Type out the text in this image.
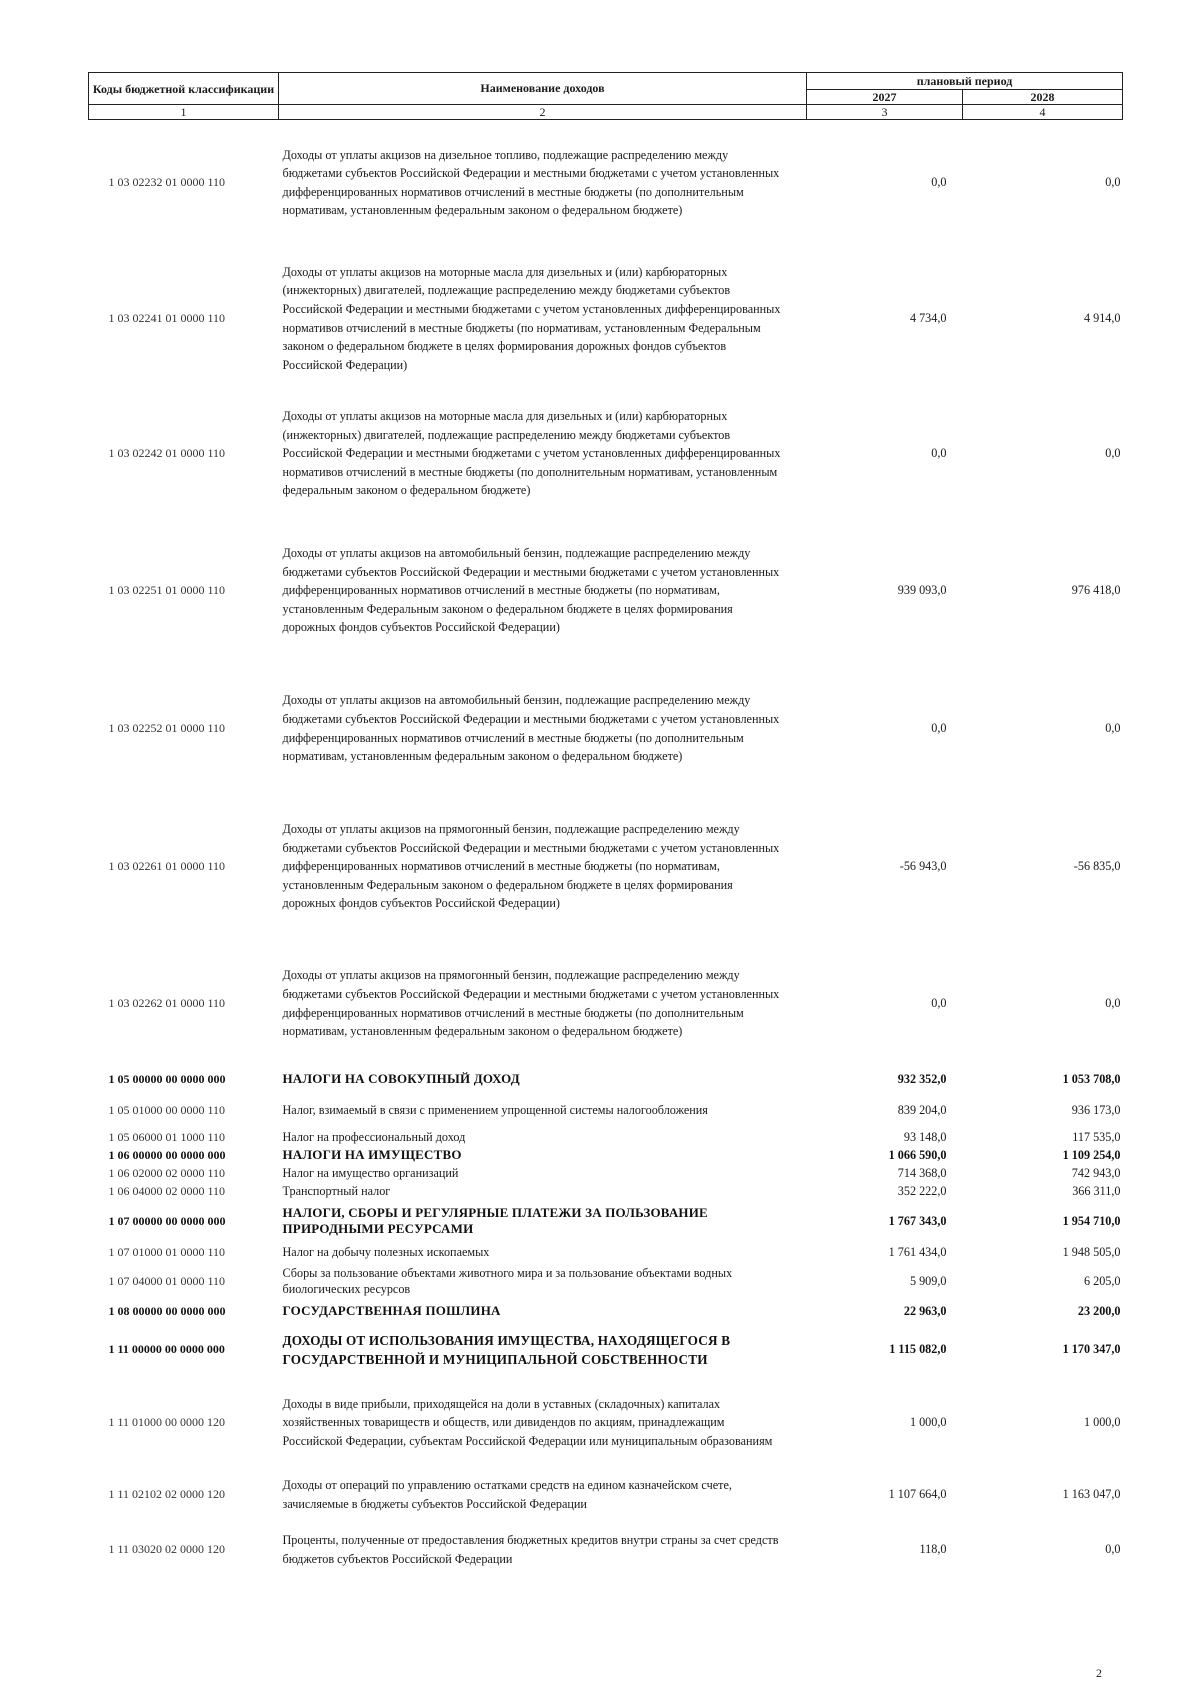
Коды бюджетной классификации	Наименование доходов	плановый период	
		2027	2028
1	2	3	4
1 03 02232 01 0000 110	Доходы от уплаты акцизов на дизельное топливо, подлежащие распределению между бюджетами субъектов Российской Федерации и местными бюджетами с учетом установленных дифференцированных нормативов отчислений в местные бюджеты (по дополнительным нормативам, установленным федеральным законом о федеральном бюджете)	0,0	0,0
1 03 02241 01 0000 110	Доходы от уплаты акцизов на моторные масла для дизельных и (или) карбюраторных (инжекторных) двигателей, подлежащие распределению между бюджетами субъектов Российской Федерации и местными бюджетами с учетом установленных дифференцированных нормативов отчислений в местные бюджеты (по нормативам, установленным Федеральным законом о федеральном бюджете в целях формирования дорожных фондов субъектов Российской Федерации)	4 734,0	4 914,0
1 03 02242 01 0000 110	Доходы от уплаты акцизов на моторные масла для дизельных и (или) карбюраторных (инжекторных) двигателей, подлежащие распределению между бюджетами субъектов Российской Федерации и местными бюджетами с учетом установленных дифференцированных нормативов отчислений в местные бюджеты (по дополнительным нормативам, установленным федеральным законом о федеральном бюджете)	0,0	0,0
1 03 02251 01 0000 110	Доходы от уплаты акцизов на автомобильный бензин, подлежащие распределению между бюджетами субъектов Российской Федерации и местными бюджетами с учетом установленных дифференцированных нормативов отчислений в местные бюджеты (по нормативам, установленным Федеральным законом о федеральном бюджете в целях формирования дорожных фондов субъектов Российской Федерации)	939 093,0	976 418,0
1 03 02252 01 0000 110	Доходы от уплаты акцизов на автомобильный бензин, подлежащие распределению между бюджетами субъектов Российской Федерации и местными бюджетами с учетом установленных дифференцированных нормативов отчислений в местные бюджеты (по дополнительным нормативам, установленным федеральным законом о федеральном бюджете)	0,0	0,0
1 03 02261 01 0000 110	Доходы от уплаты акцизов на прямогонный бензин, подлежащие распределению между бюджетами субъектов Российской Федерации и местными бюджетами с учетом установленных дифференцированных нормативов отчислений в местные бюджеты (по нормативам, установленным Федеральным законом о федеральном бюджете в целях формирования дорожных фондов субъектов Российской Федерации)	-56 943,0	-56 835,0
1 03 02262 01 0000 110	Доходы от уплаты акцизов на прямогонный бензин, подлежащие распределению между бюджетами субъектов Российской Федерации и местными бюджетами с учетом установленных дифференцированных нормативов отчислений в местные бюджеты (по дополнительным нормативам, установленным федеральным законом о федеральном бюджете)	0,0	0,0
1 05 00000 00 0000 000	НАЛОГИ НА СОВОКУПНЫЙ ДОХОД	932 352,0	1 053 708,0
1 05 01000 00 0000 110	Налог, взимаемый в связи с применением упрощенной системы налогообложения	839 204,0	936 173,0
1 05 06000 01 1000 110	Налог на профессиональный доход	93 148,0	117 535,0
1 06 00000 00 0000 000	НАЛОГИ НА ИМУЩЕСТВО	1 066 590,0	1 109 254,0
1 06 02000 02 0000 110	Налог на имущество организаций	714 368,0	742 943,0
1 06 04000 02 0000 110	Транспортный налог	352 222,0	366 311,0
1 07 00000 00 0000 000	НАЛОГИ, СБОРЫ И РЕГУЛЯРНЫЕ ПЛАТЕЖИ ЗА ПОЛЬЗОВАНИЕ ПРИРОДНЫМИ РЕСУРСАМИ	1 767 343,0	1 954 710,0
1 07 01000 01 0000 110	Налог на добычу полезных ископаемых	1 761 434,0	1 948 505,0
1 07 04000 01 0000 110	Сборы за пользование объектами животного мира и за пользование объектами водных биологических ресурсов	5 909,0	6 205,0
1 08 00000 00 0000 000	ГОСУДАРСТВЕННАЯ ПОШЛИНА	22 963,0	23 200,0
1 11 00000 00 0000 000	ДОХОДЫ ОТ ИСПОЛЬЗОВАНИЯ ИМУЩЕСТВА, НАХОДЯЩЕГОСЯ В ГОСУДАРСТВЕННОЙ И МУНИЦИПАЛЬНОЙ СОБСТВЕННОСТИ	1 115 082,0	1 170 347,0
1 11 01000 00 0000 120	Доходы в виде прибыли, приходящейся на доли в уставных (складочных) капиталах хозяйственных товариществ и обществ, или дивидендов по акциям, принадлежащим Российской Федерации, субъектам Российской Федерации или муниципальным образованиям	1 000,0	1 000,0
1 11 02102 02 0000 120	Доходы от операций по управлению остатками средств на едином казначейском счете, зачисляемые в бюджеты субъектов Российской Федерации	1 107 664,0	1 163 047,0
1 11 03020 02 0000 120	Проценты, полученные от предоставления бюджетных кредитов внутри страны за счет средств бюджетов субъектов Российской Федерации	118,0	0,0
2
